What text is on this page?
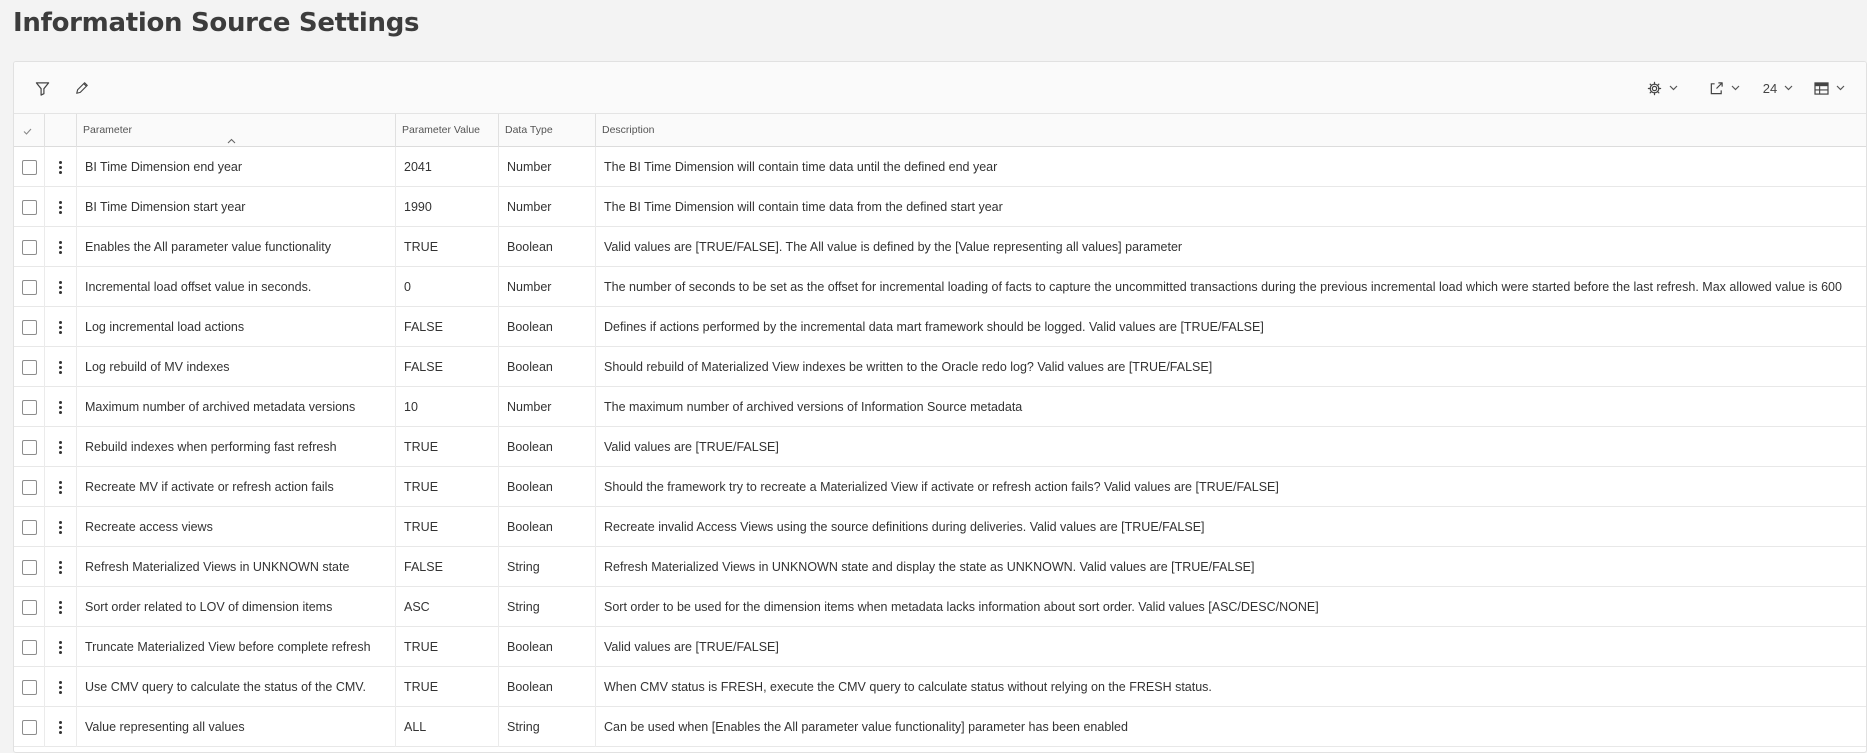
Information Source Settings
24
Parameter	Parameter Value	Data Type	Description
BI Time Dimension end year	2041	Number	The BI Time Dimension will contain time data until the defined end year
BI Time Dimension start year	1990	Number	The BI Time Dimension will contain time data from the defined start year
Enables the All parameter value functionality	TRUE	Boolean	Valid values are [TRUE/FALSE]. The All value is defined by the [Value representing all values] parameter
Incremental load offset value in seconds.	0	Number	The number of seconds to be set as the offset for incremental loading of facts to capture the uncommitted transactions during the previous incremental load which were started before the last refresh. Max allowed value is 600
Log incremental load actions	FALSE	Boolean	Defines if actions performed by the incremental data mart framework should be logged. Valid values are [TRUE/FALSE]
Log rebuild of MV indexes	FALSE	Boolean	Should rebuild of Materialized View indexes be written to the Oracle redo log? Valid values are [TRUE/FALSE]
Maximum number of archived metadata versions	10	Number	The maximum number of archived versions of Information Source metadata
Rebuild indexes when performing fast refresh	TRUE	Boolean	Valid values are [TRUE/FALSE]
Recreate MV if activate or refresh action fails	TRUE	Boolean	Should the framework try to recreate a Materialized View if activate or refresh action fails? Valid values are [TRUE/FALSE]
Recreate access views	TRUE	Boolean	Recreate invalid Access Views using the source definitions during deliveries. Valid values are [TRUE/FALSE]
Refresh Materialized Views in UNKNOWN state	FALSE	String	Refresh Materialized Views in UNKNOWN state and display the state as UNKNOWN. Valid values are [TRUE/FALSE]
Sort order related to LOV of dimension items	ASC	String	Sort order to be used for the dimension items when metadata lacks information about sort order. Valid values [ASC/DESC/NONE]
Truncate Materialized View before complete refresh	TRUE	Boolean	Valid values are [TRUE/FALSE]
Use CMV query to calculate the status of the CMV.	TRUE	Boolean	When CMV status is FRESH, execute the CMV query to calculate status without relying on the FRESH status.
Value representing all values	ALL	String	Can be used when [Enables the All parameter value functionality] parameter has been enabled
